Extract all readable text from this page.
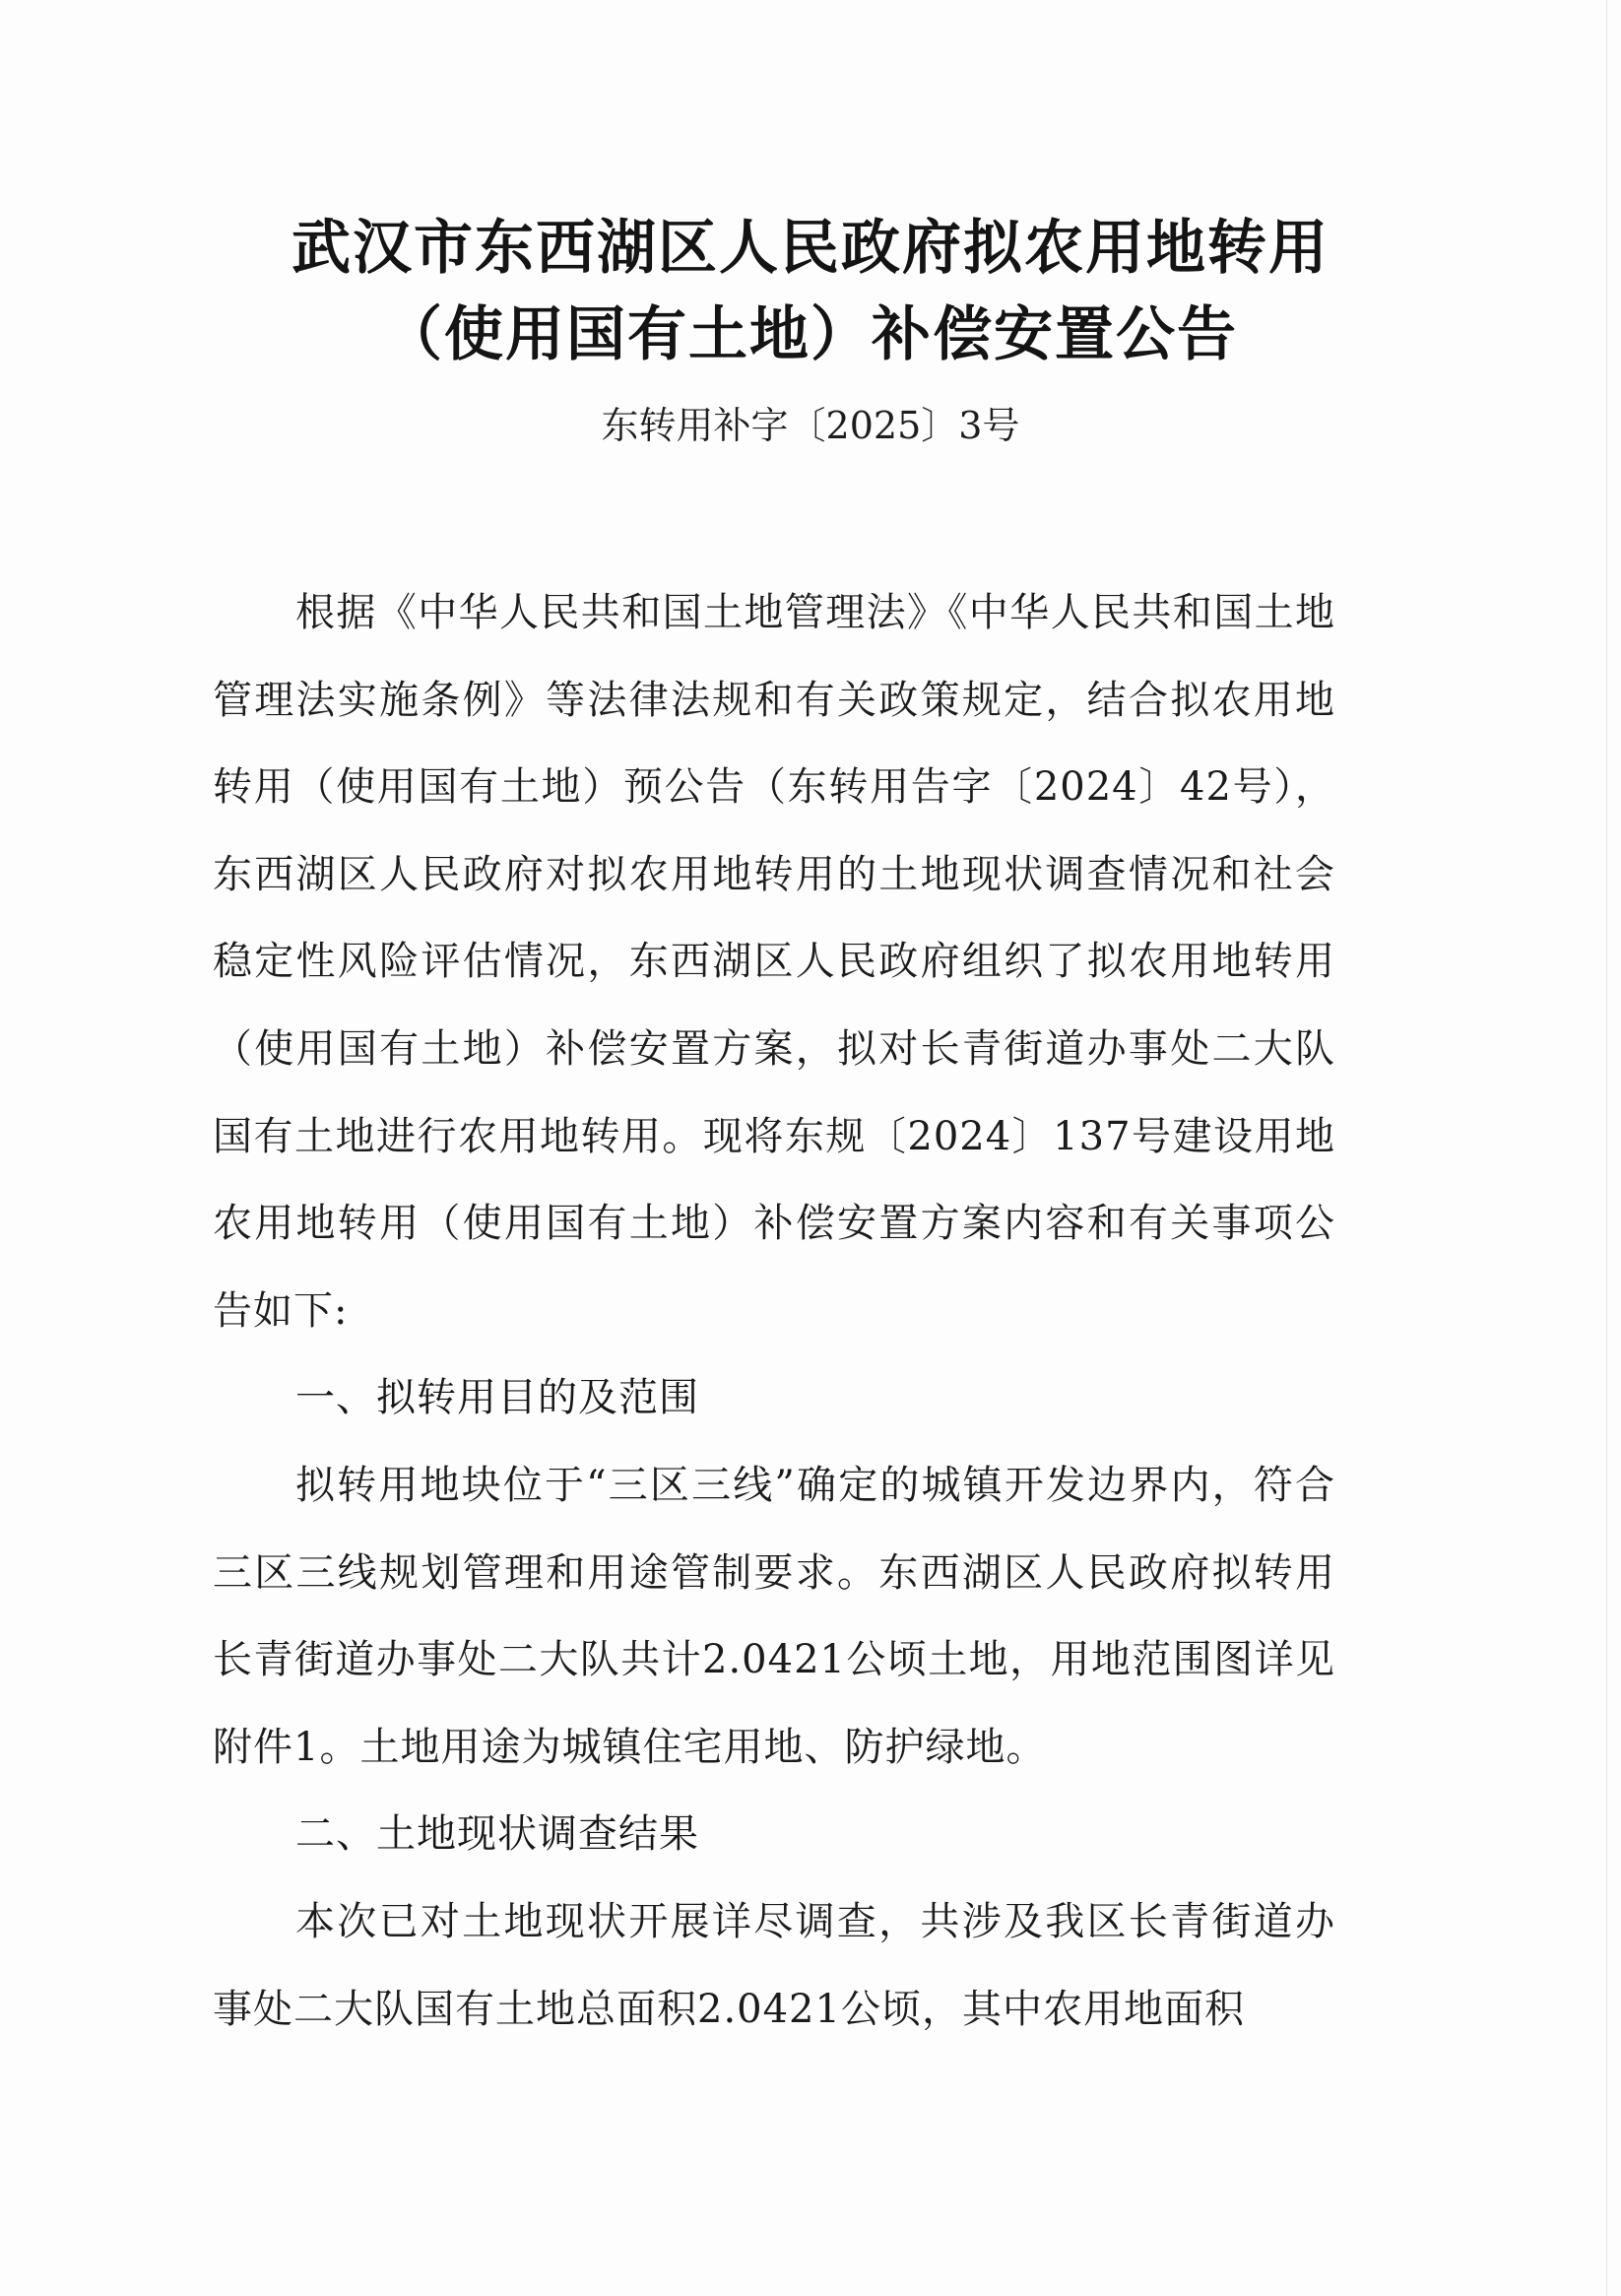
武汉市东西湖区人民政府拟农用地转用

（使用国有土地）补偿安置公告

东转用补字〔2025〕3号

根据《中华人民共和国土地管理法》《中华人民共和国土地管理法实施条例》等法律法规和有关政策规定，结合拟农用地转用（使用国有土地）预公告（东转用告字〔2024〕42号），东西湖区人民政府对拟农用地转用的土地现状调查情况和社会稳定性风险评估情况，东西湖区人民政府组织了拟农用地转用（使用国有土地）补偿安置方案，拟对长青街道办事处二大队国有土地进行农用地转用。现将东规〔2024〕137号建设用地农用地转用（使用国有土地）补偿安置方案内容和有关事项公告如下:

一、拟转用目的及范围

拟转用地块位于“三区三线”确定的城镇开发边界内，符合三区三线规划管理和用途管制要求。东西湖区人民政府拟转用长青街道办事处二大队共计2.0421公顷土地，用地范围图详见附件1。土地用途为城镇住宅用地、防护绿地。

二、土地现状调查结果

本次已对土地现状开展详尽调查，共涉及我区长青街道办事处二大队国有土地总面积2.0421公顷，其中农用地面积
